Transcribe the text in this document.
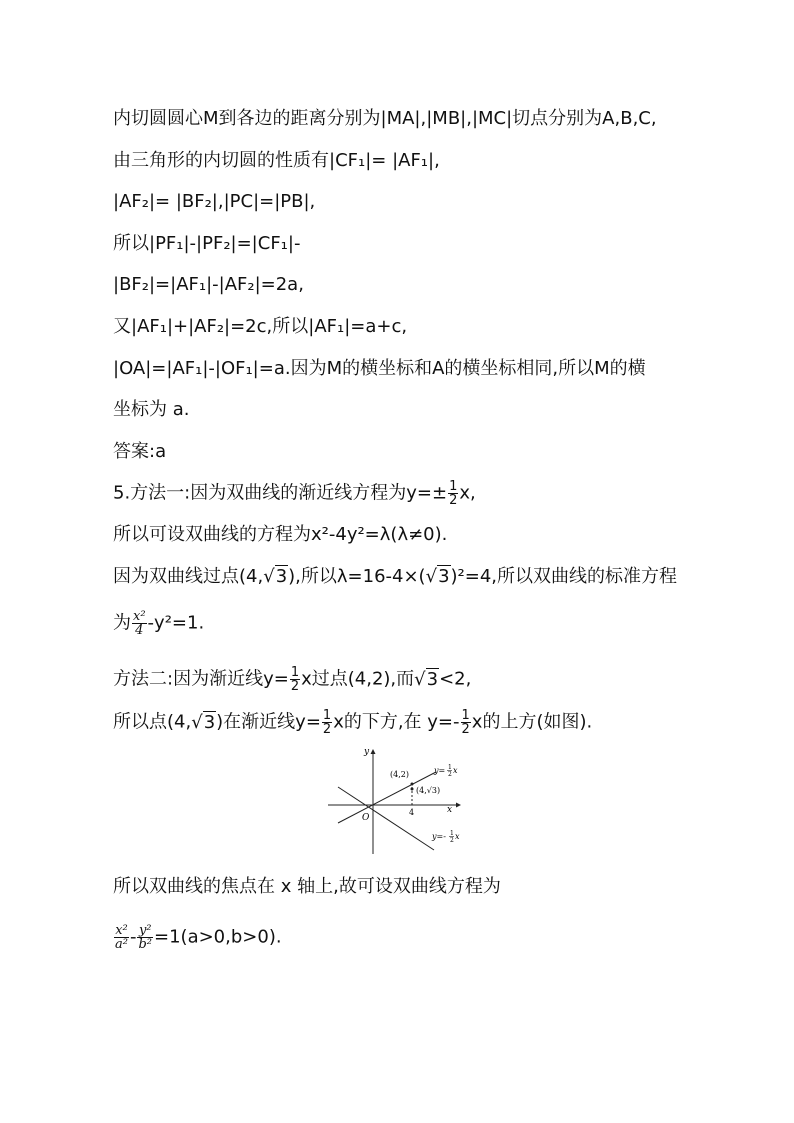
内切圆圆心M到各边的距离分别为|MA|,|MB|,|MC|切点分别为A,B,C,
由三角形的内切圆的性质有|CF₁|= |AF₁|,
|AF₂|= |BF₂|,|PC|=|PB|,
所以|PF₁|-|PF₂|=|CF₁|-
|BF₂|=|AF₁|-|AF₂|=2a,
又|AF₁|+|AF₂|=2c,所以|AF₁|=a+c,
|OA|=|AF₁|-|OF₁|=a.因为M的横坐标和A的横坐标相同,所以M的横
坐标为 a.
答案:a
5.方法一:因为双曲线的渐近线方程为$y=\pm \frac{1}{2} x$,
所以可设双曲线的方程为x²-4y²=λ(λ≠0).
因为双曲线过点(4,√3),所以λ=16-4×(√3)²=4,所以双曲线的标准方程
为 $\frac{\text{x²}}{4} -y^2=1$.
方法二:因为渐近线$y= \frac{1}{2}$ x过点(4,2),而√3<2,
所以点(4,√3)在渐近线$y= \frac{1}{2}$ x的下方,在 $y=- \frac{1}{2}$ x的上方(如图).
y
x
O
4
(4,2)
(4,√3)
y= 1
2 x
y=- 1
2 x
所以双曲线的焦点在 x 轴上,故可设双曲线方程为
$\frac{\text{x²}}{\text{a²}} - \frac{\text{y²}}{\text{b²}} =1(a>0,b>0)$.
